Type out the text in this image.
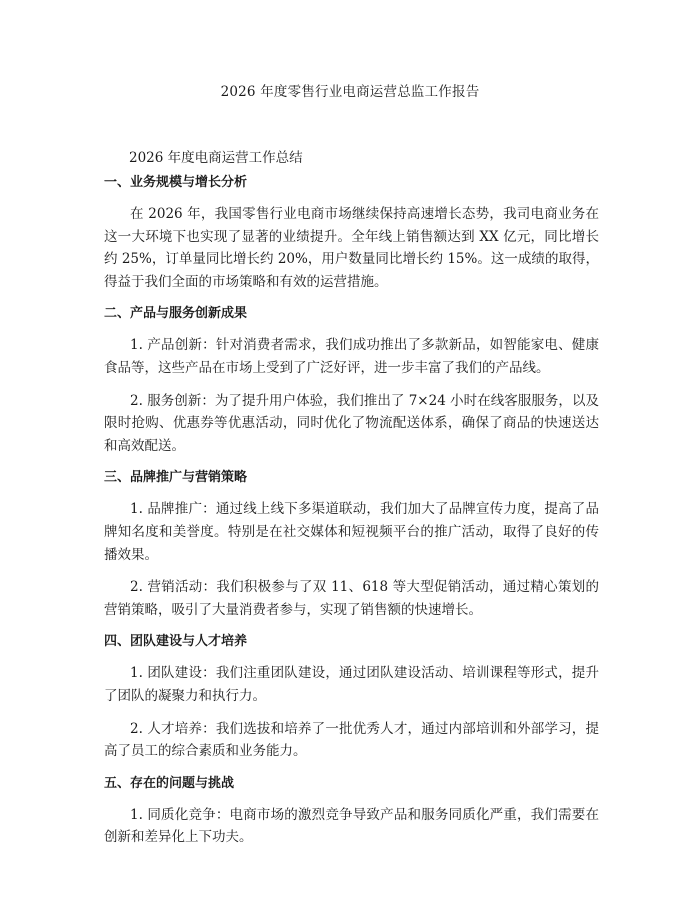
2026 年度零售行业电商运营总监工作报告
2026 年度电商运营工作总结
一、业务规模与增长分析

在 2026 年，我国零售行业电商市场继续保持高速增长态势，我司电商业务在这一大环境下也实现了显著的业绩提升。全年线上销售额达到 XX 亿元，同比增长约 25%，订单量同比增长约 20%，用户数量同比增长约 15%。这一成绩的取得，得益于我们全面的市场策略和有效的运营措施。

二、产品与服务创新成果

1. 产品创新：针对消费者需求，我们成功推出了多款新品，如智能家电、健康食品等，这些产品在市场上受到了广泛好评，进一步丰富了我们的产品线。

2. 服务创新：为了提升用户体验，我们推出了 7×24 小时在线客服服务，以及限时抢购、优惠券等优惠活动，同时优化了物流配送体系，确保了商品的快速送达和高效配送。

三、品牌推广与营销策略

1. 品牌推广：通过线上线下多渠道联动，我们加大了品牌宣传力度，提高了品牌知名度和美誉度。特别是在社交媒体和短视频平台的推广活动，取得了良好的传播效果。

2. 营销活动：我们积极参与了双 11、618 等大型促销活动，通过精心策划的营销策略，吸引了大量消费者参与，实现了销售额的快速增长。

四、团队建设与人才培养

1. 团队建设：我们注重团队建设，通过团队建设活动、培训课程等形式，提升了团队的凝聚力和执行力。

2. 人才培养：我们选拔和培养了一批优秀人才，通过内部培训和外部学习，提高了员工的综合素质和业务能力。

五、存在的问题与挑战

1. 同质化竞争：电商市场的激烈竞争导致产品和服务同质化严重，我们需要在创新和差异化上下功夫。
